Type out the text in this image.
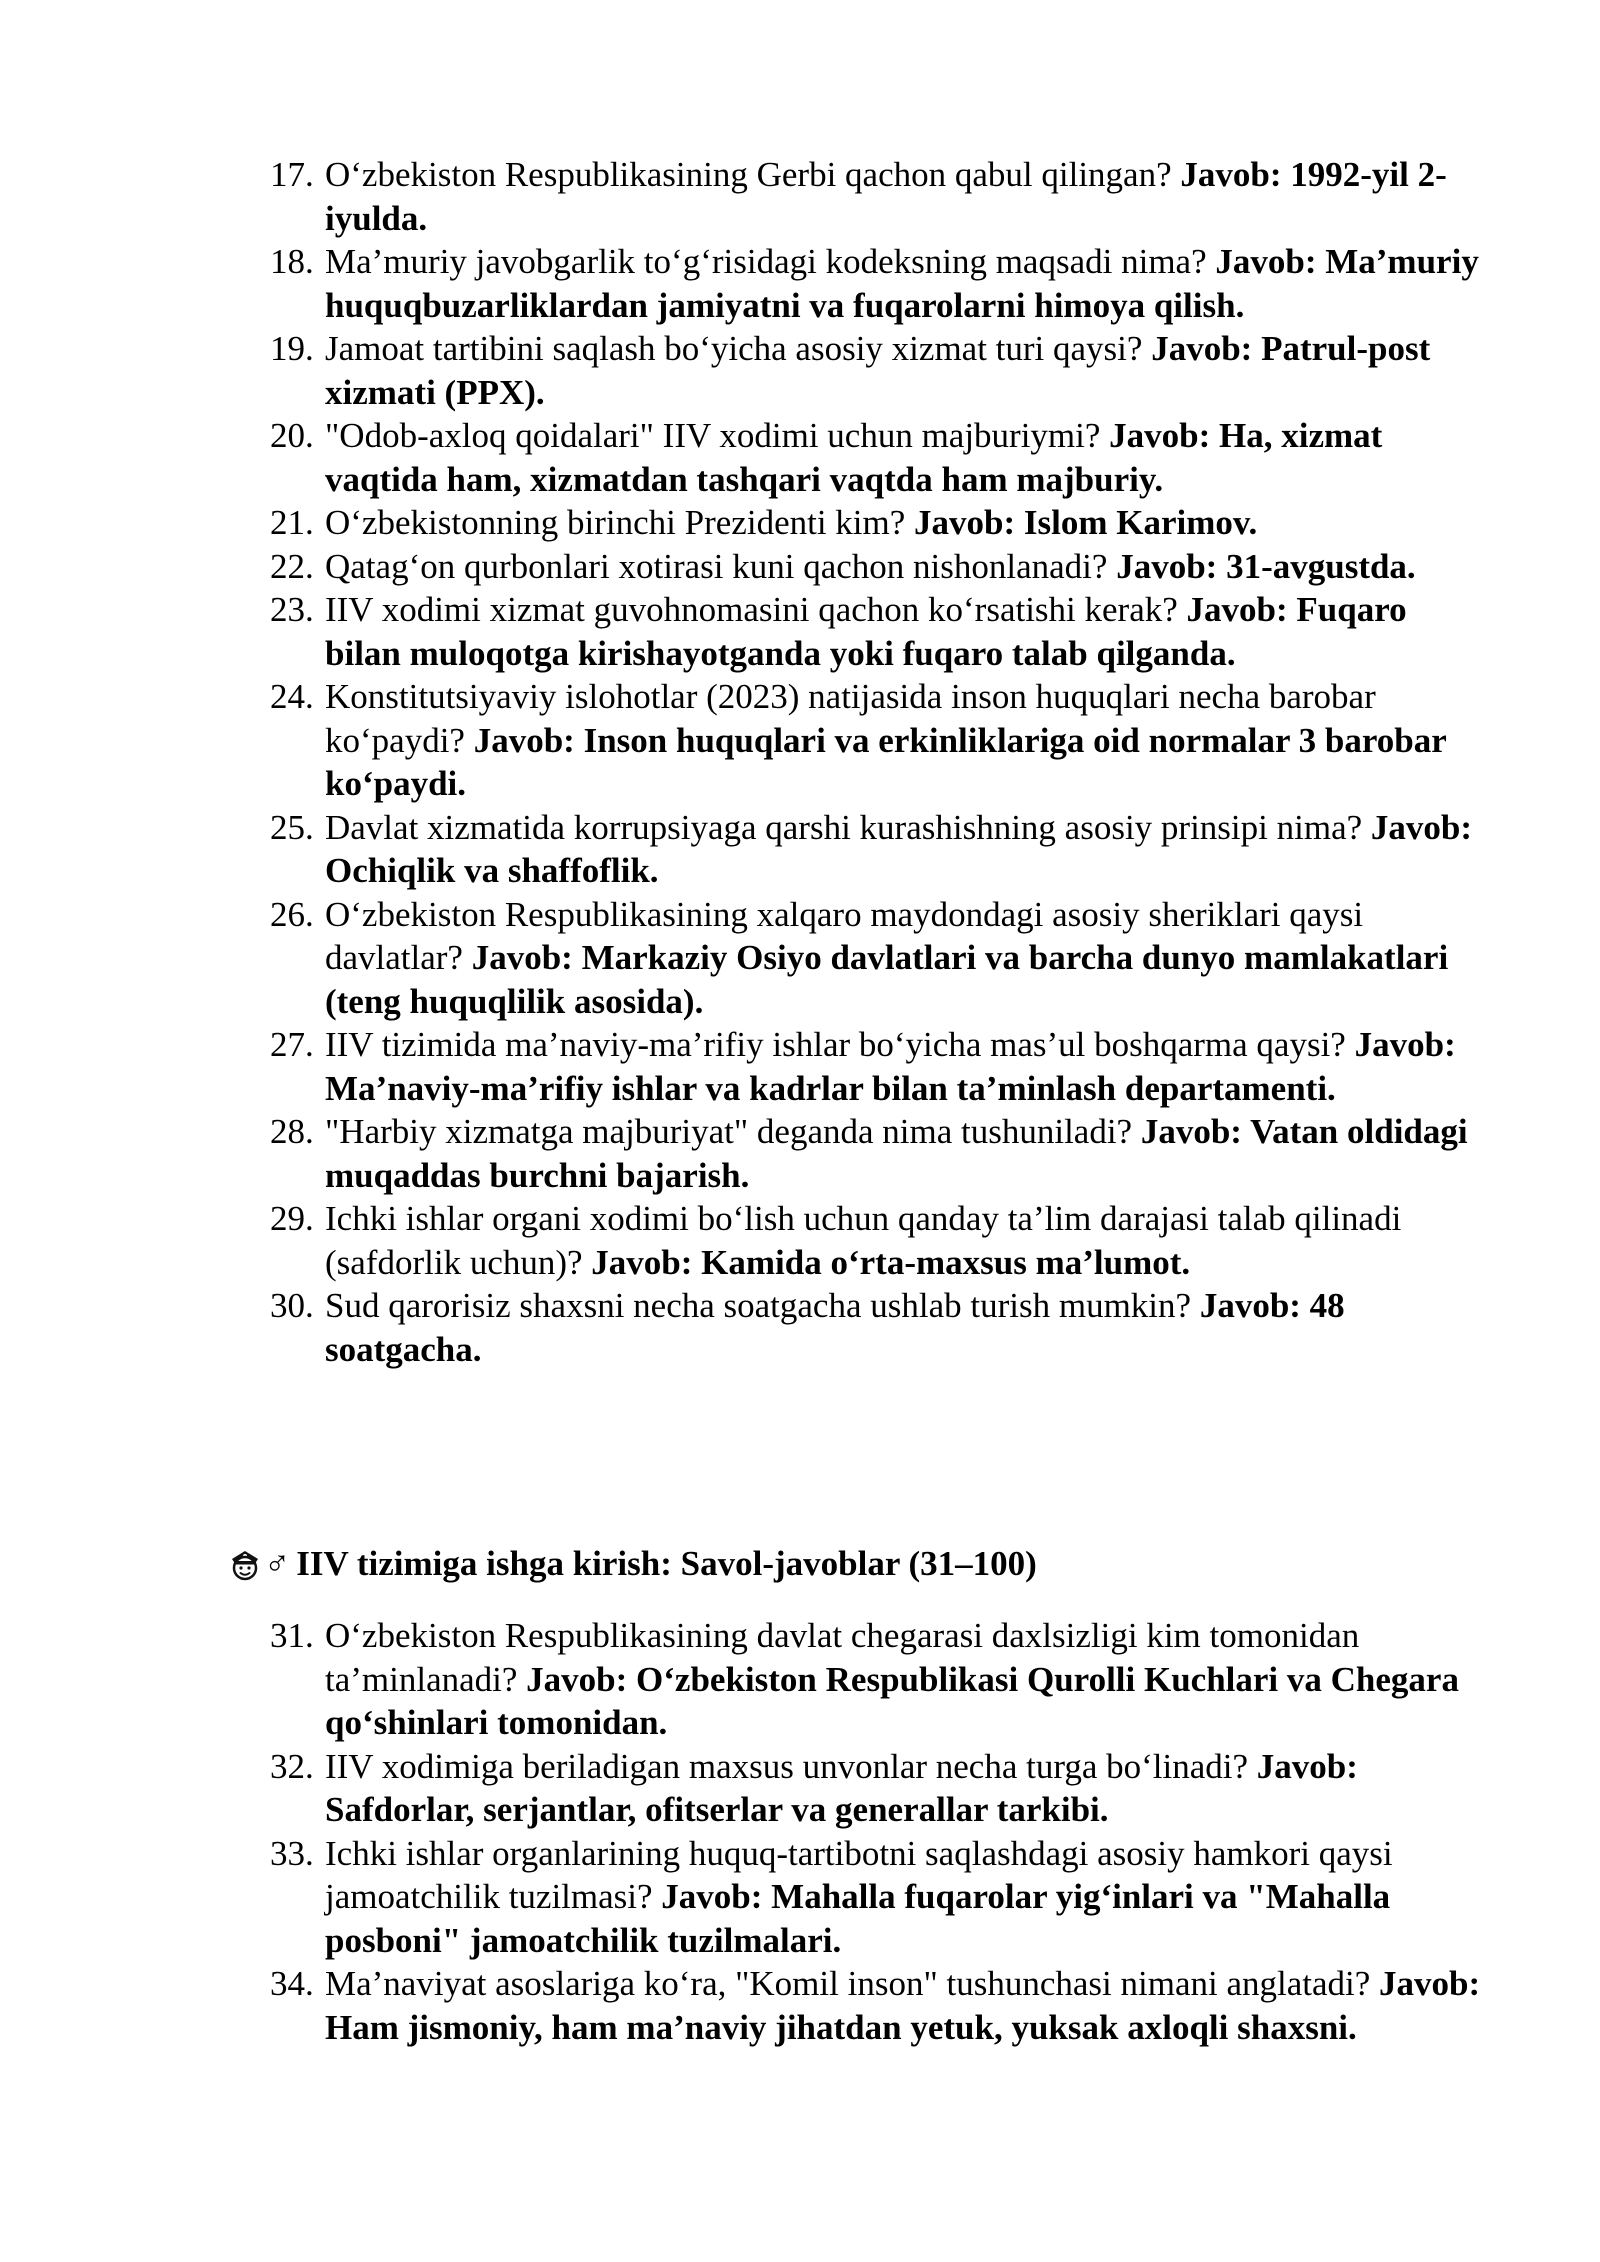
17. O‘zbekiston Respublikasining Gerbi qachon qabul qilingan? Javob: 1992-yil 2-iyulda.
18. Ma’muriy javobgarlik to‘g‘risidagi kodeksning maqsadi nima? Javob: Ma’muriy huquqbuzarliklardan jamiyatni va fuqarolarni himoya qilish.
19. Jamoat tartibini saqlash bo‘yicha asosiy xizmat turi qaysi? Javob: Patrul-post xizmati (PPX).
20. "Odob-axloq qoidalari" IIV xodimi uchun majburiymi? Javob: Ha, xizmat vaqtida ham, xizmatdan tashqari vaqtda ham majburiy.
21. O‘zbekistonning birinchi Prezidenti kim? Javob: Islom Karimov.
22. Qatag‘on qurbonlari xotirasi kuni qachon nishonlanadi? Javob: 31-avgustda.
23. IIV xodimi xizmat guvohnomasini qachon ko‘rsatishi kerak? Javob: Fuqaro bilan muloqotga kirishayotganda yoki fuqaro talab qilganda.
24. Konstitutsiyaviy islohotlar (2023) natijasida inson huquqlari necha barobar ko‘paydi? Javob: Inson huquqlari va erkinliklariga oid normalar 3 barobar ko‘paydi.
25. Davlat xizmatida korrupsiyaga qarshi kurashishning asosiy prinsipi nima? Javob: Ochiqlik va shaffoflik.
26. O‘zbekiston Respublikasining xalqaro maydondagi asosiy sheriklari qaysi davlatlar? Javob: Markaziy Osiyo davlatlari va barcha dunyo mamlakatlari (teng huquqlilik asosida).
27. IIV tizimida ma’naviy-ma’rifiy ishlar bo‘yicha mas’ul boshqarma qaysi? Javob: Ma’naviy-ma’rifiy ishlar va kadrlar bilan ta’minlash departamenti.
28. "Harbiy xizmatga majburiyat" deganda nima tushuniladi? Javob: Vatan oldidagi muqaddas burchni bajarish.
29. Ichki ishlar organi xodimi bo‘lish uchun qanday ta’lim darajasi talab qilinadi (safdorlik uchun)? Javob: Kamida o‘rta-maxsus ma’lumot.
30. Sud qarorisiz shaxsni necha soatgacha ushlab turish mumkin? Javob: 48 soatgacha.
♂ IIV tizimiga ishga kirish: Savol-javoblar (31–100)
31. O‘zbekiston Respublikasining davlat chegarasi daxlsizligi kim tomonidan ta’minlanadi? Javob: O‘zbekiston Respublikasi Qurolli Kuchlari va Chegara qo‘shinlari tomonidan.
32. IIV xodimiga beriladigan maxsus unvonlar necha turga bo‘linadi? Javob: Safdorlar, serjantlar, ofitserlar va generallar tarkibi.
33. Ichki ishlar organlarining huquq-tartibotni saqlashdagi asosiy hamkori qaysi jamoatchilik tuzilmasi? Javob: Mahalla fuqarolar yig‘inlari va "Mahalla posboni" jamoatchilik tuzilmalari.
34. Ma’naviyat asoslariga ko‘ra, "Komil inson" tushunchasi nimani anglatadi? Javob: Ham jismoniy, ham ma’naviy jihatdan yetuk, yuksak axloqli shaxsni.
